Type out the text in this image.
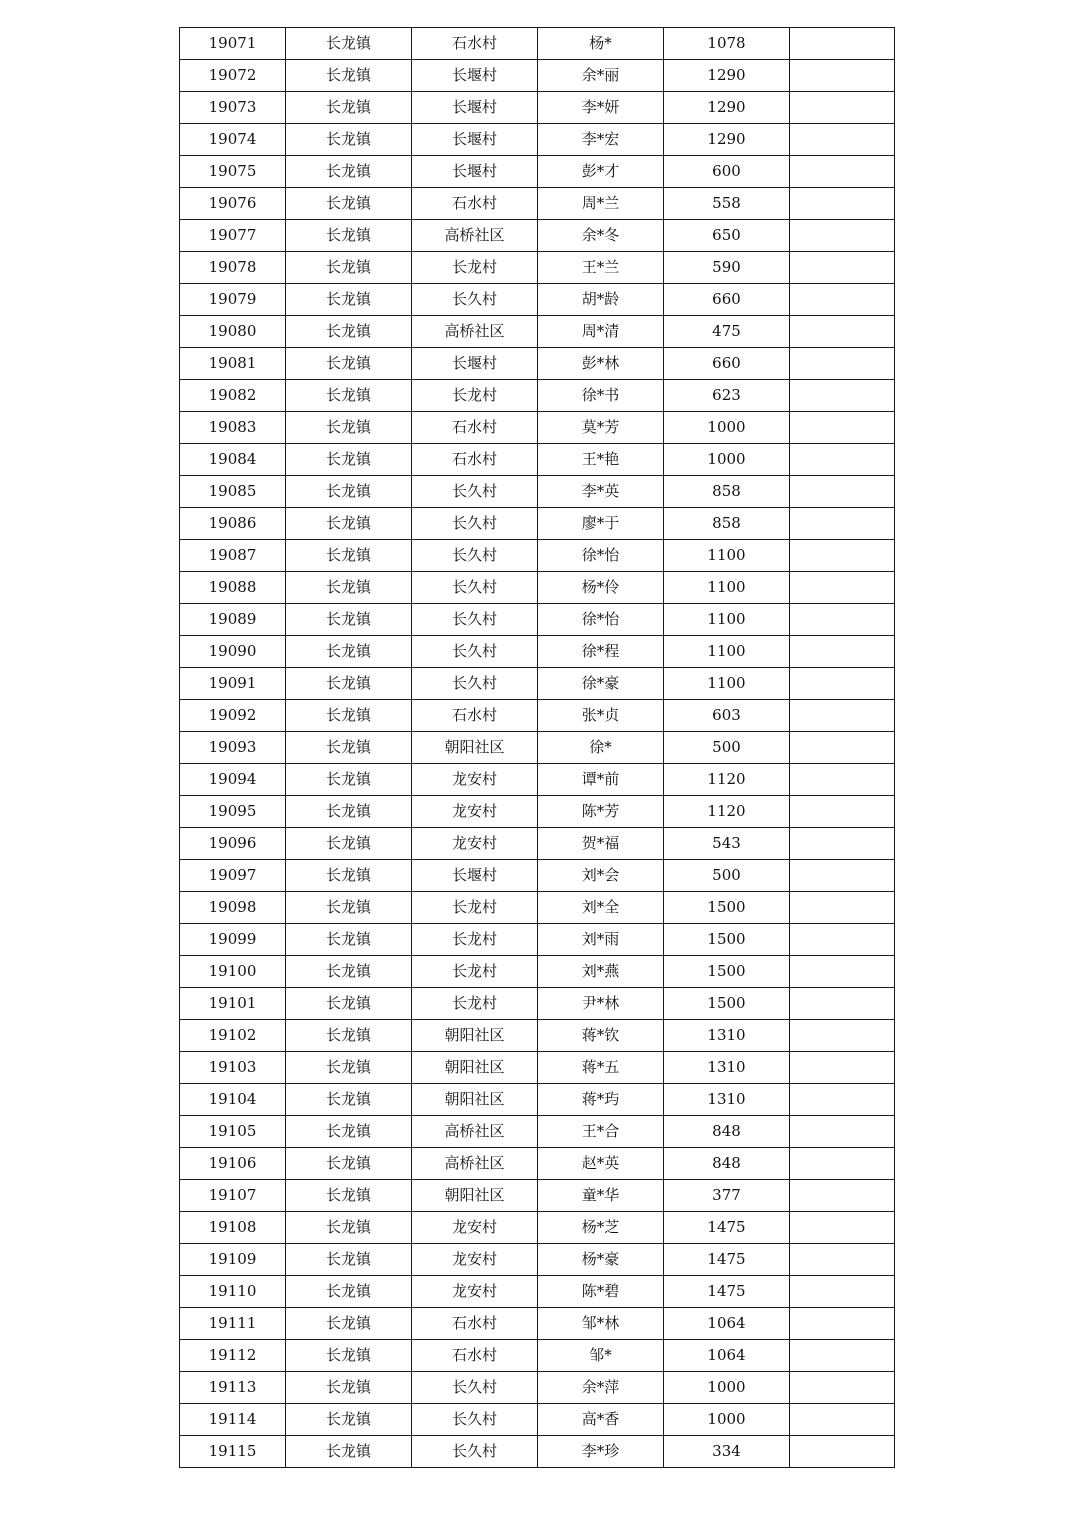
19071	长龙镇	石水村	杨*	1078	
19072	长龙镇	长堰村	余*丽	1290	
19073	长龙镇	长堰村	李*妍	1290	
19074	长龙镇	长堰村	李*宏	1290	
19075	长龙镇	长堰村	彭*才	600	
19076	长龙镇	石水村	周*兰	558	
19077	长龙镇	高桥社区	余*冬	650	
19078	长龙镇	长龙村	王*兰	590	
19079	长龙镇	长久村	胡*龄	660	
19080	长龙镇	高桥社区	周*清	475	
19081	长龙镇	长堰村	彭*林	660	
19082	长龙镇	长龙村	徐*书	623	
19083	长龙镇	石水村	莫*芳	1000	
19084	长龙镇	石水村	王*艳	1000	
19085	长龙镇	长久村	李*英	858	
19086	长龙镇	长久村	廖*于	858	
19087	长龙镇	长久村	徐*怡	1100	
19088	长龙镇	长久村	杨*伶	1100	
19089	长龙镇	长久村	徐*怡	1100	
19090	长龙镇	长久村	徐*程	1100	
19091	长龙镇	长久村	徐*豪	1100	
19092	长龙镇	石水村	张*贞	603	
19093	长龙镇	朝阳社区	徐*	500	
19094	长龙镇	龙安村	谭*前	1120	
19095	长龙镇	龙安村	陈*芳	1120	
19096	长龙镇	龙安村	贺*福	543	
19097	长龙镇	长堰村	刘*会	500	
19098	长龙镇	长龙村	刘*全	1500	
19099	长龙镇	长龙村	刘*雨	1500	
19100	长龙镇	长龙村	刘*燕	1500	
19101	长龙镇	长龙村	尹*林	1500	
19102	长龙镇	朝阳社区	蒋*钦	1310	
19103	长龙镇	朝阳社区	蒋*五	1310	
19104	长龙镇	朝阳社区	蒋*玙	1310	
19105	长龙镇	高桥社区	王*合	848	
19106	长龙镇	高桥社区	赵*英	848	
19107	长龙镇	朝阳社区	童*华	377	
19108	长龙镇	龙安村	杨*芝	1475	
19109	长龙镇	龙安村	杨*豪	1475	
19110	长龙镇	龙安村	陈*碧	1475	
19111	长龙镇	石水村	邹*林	1064	
19112	长龙镇	石水村	邹*	1064	
19113	长龙镇	长久村	余*萍	1000	
19114	长龙镇	长久村	高*香	1000	
19115	长龙镇	长久村	李*珍	334	
